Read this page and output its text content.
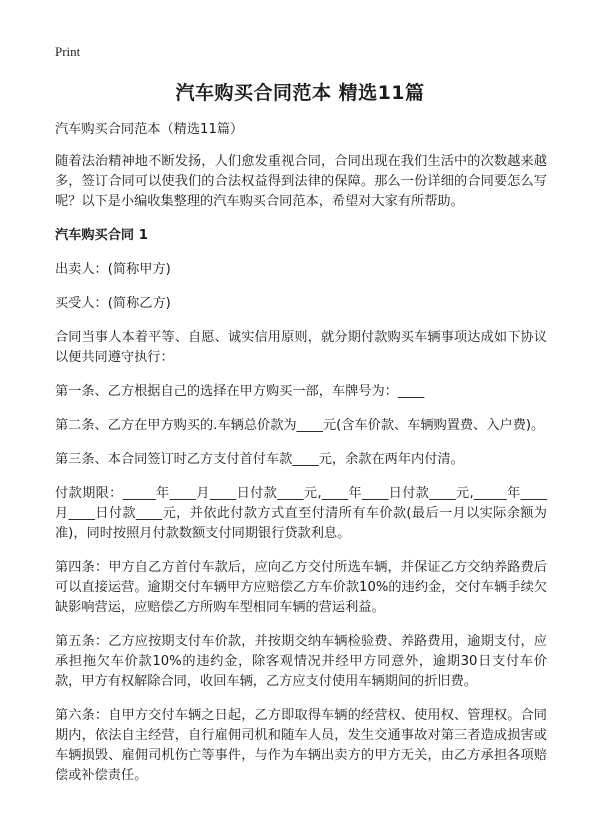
Print
汽车购买合同范本 精选11篇

汽车购买合同范本（精选11篇）

随着法治精神地不断发扬，人们愈发重视合同，合同出现在我们生活中的次数越来越多，签订合同可以使我们的合法权益得到法律的保障。那么一份详细的合同要怎么写呢？以下是小编收集整理的汽车购买合同范本，希望对大家有所帮助。

汽车购买合同 1

出卖人：(简称甲方)

买受人：(简称乙方)

合同当事人本着平等、自愿、诚实信用原则，就分期付款购买车辆事项达成如下协议以便共同遵守执行：

第一条、乙方根据自己的选择在甲方购买一部，车牌号为：____

第二条、乙方在甲方购买的.车辆总价款为____元(含车价款、车辆购置费、入户费)。

第三条、本合同签订时乙方支付首付车款____元，余款在两年内付清。

付款期限：_____年____月____日付款____元,____年____日付款____元,_____年____月____日付款____元，并依此付款方式直至付清所有车价款(最后一月以实际余额为准)，同时按照月付款数额支付同期银行贷款利息。

第四条：甲方自乙方首付车款后，应向乙方交付所选车辆，并保证乙方交纳养路费后可以直接运营。逾期交付车辆甲方应赔偿乙方车价款10%的违约金，交付车辆手续欠缺影响营运，应赔偿乙方所购车型相同车辆的营运利益。

第五条：乙方应按期支付车价款，并按期交纳车辆检验费、养路费用，逾期支付，应承担拖欠车价款10%的违约金，除客观情况并经甲方同意外，逾期30日支付车价款，甲方有权解除合同，收回车辆，乙方应支付使用车辆期间的折旧费。

第六条：自甲方交付车辆之日起，乙方即取得车辆的经营权、使用权、管理权。合同期内，依法自主经营，自行雇佣司机和随车人员，发生交通事故对第三者造成损害或车辆损毁、雇佣司机伤亡等事件，与作为车辆出卖方的甲方无关，由乙方承担各项赔偿或补偿责任。
